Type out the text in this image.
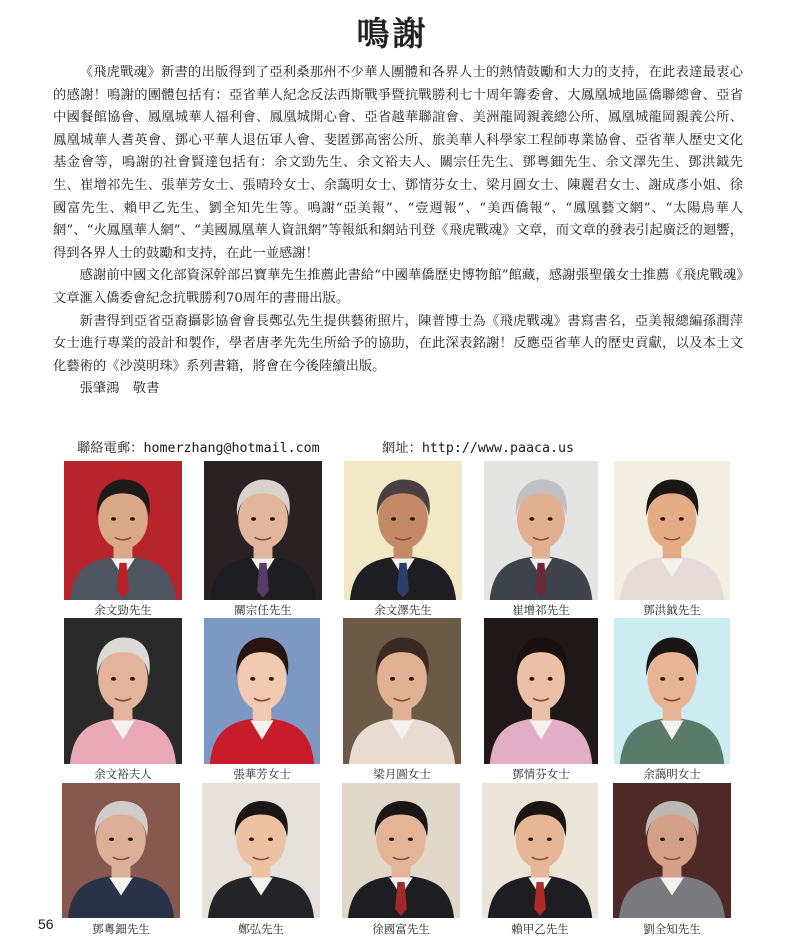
鳴謝

《飛虎戰魂》新書的出版得到了亞利桑那州不少華人團體和各界人士的熱情鼓勵和大力的支持，在此表達最衷心的感謝！鳴謝的團體包括有：亞省華人紀念反法西斯戰爭暨抗戰勝利七十周年籌委會、大鳳凰城地區僑聯總會、亞省中國餐館協會、鳳凰城華人福利會、鳳凰城開心會、亞省越華聯誼會、美洲龍岡親義總公所、鳳凰城龍岡親義公所、鳳凰城華人耆英會、鄧心平華人退伍軍人會、斐匿鄧高密公所、旅美華人科學家工程師專業協會、亞省華人歷史文化基金會等，鳴謝的社會賢達包括有：余文勁先生、余文裕夫人、關宗任先生、鄧粵鈿先生、余文澤先生、鄧洪鉞先生、崔增祁先生、張華芳女士、張晴玲女士、余藹明女士、鄧情芬女士、梁月圓女士、陳麗君女士、謝成彥小姐、徐國富先生、賴甲乙先生、劉全知先生等。鳴謝“亞美報”、“壹週報”、“美西僑報”、“鳳凰藝文網”、“太陽鳥華人網”、“火鳳凰華人網”、“美國鳳凰華人資訊網”等報紙和網站刊登《飛虎戰魂》文章，而文章的發表引起廣泛的迴響，得到各界人士的鼓勵和支持，在此一並感謝！

感謝前中國文化部資深幹部呂寶華先生推薦此書給“中國華僑歷史博物館”館藏，感謝張聖儀女士推薦《飛虎戰魂》文章滙入僑委會紀念抗戰勝利70周年的書冊出版。

新書得到亞省亞裔攝影協會會長鄭弘先生提供藝術照片，陳普博士為《飛虎戰魂》書寫書名，亞美報總編孫潤萍女士進行專業的設計和製作，學者唐孝先先生所給予的協助，在此深表銘謝！反應亞省華人的歷史貢獻，以及本土文化藝術的《沙漠明珠》系列書籍，將會在今後陸續出版。

張肇鴻　敬書
聯絡電郵：homerzhang@hotmail.com	網址：http://www.paaca.us
余文勁先生	關宗任先生	余文澤先生	崔增祁先生	鄧洪鉞先生
余文裕夫人	張華芳女士	梁月圓女士	鄧情芬女士	余藹明女士
鄧粵鈿先生	鄭弘先生	徐國富先生	賴甲乙先生	劉全知先生
56
